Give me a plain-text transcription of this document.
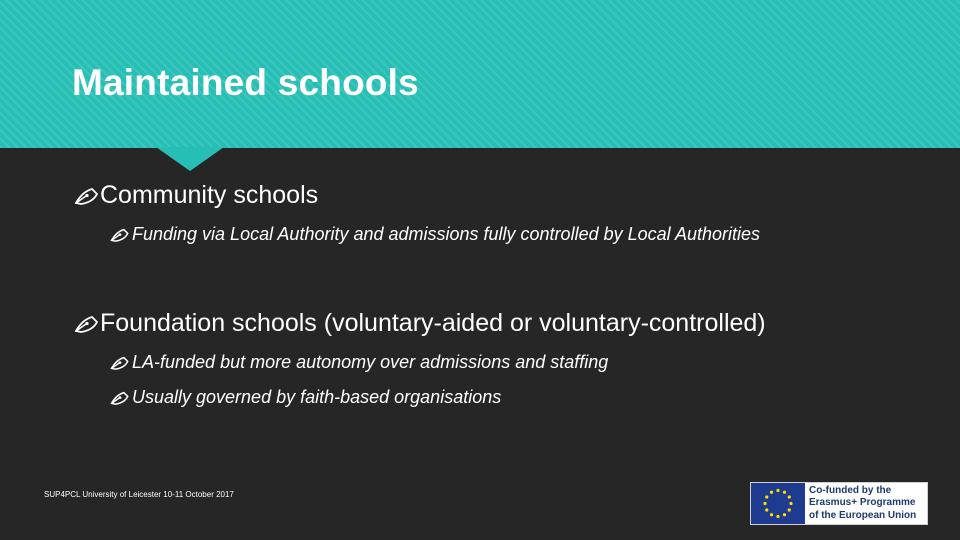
Maintained schools
Community schools
Funding via Local Authority and admissions fully controlled by Local Authorities
Foundation schools (voluntary-aided or voluntary-controlled)
LA-funded but more autonomy over admissions and staffing
Usually governed by faith-based organisations
SUP4PCL University of Leicester 10-11 October 2017	Co-funded by the
Erasmus+ Programme
of the European Union
